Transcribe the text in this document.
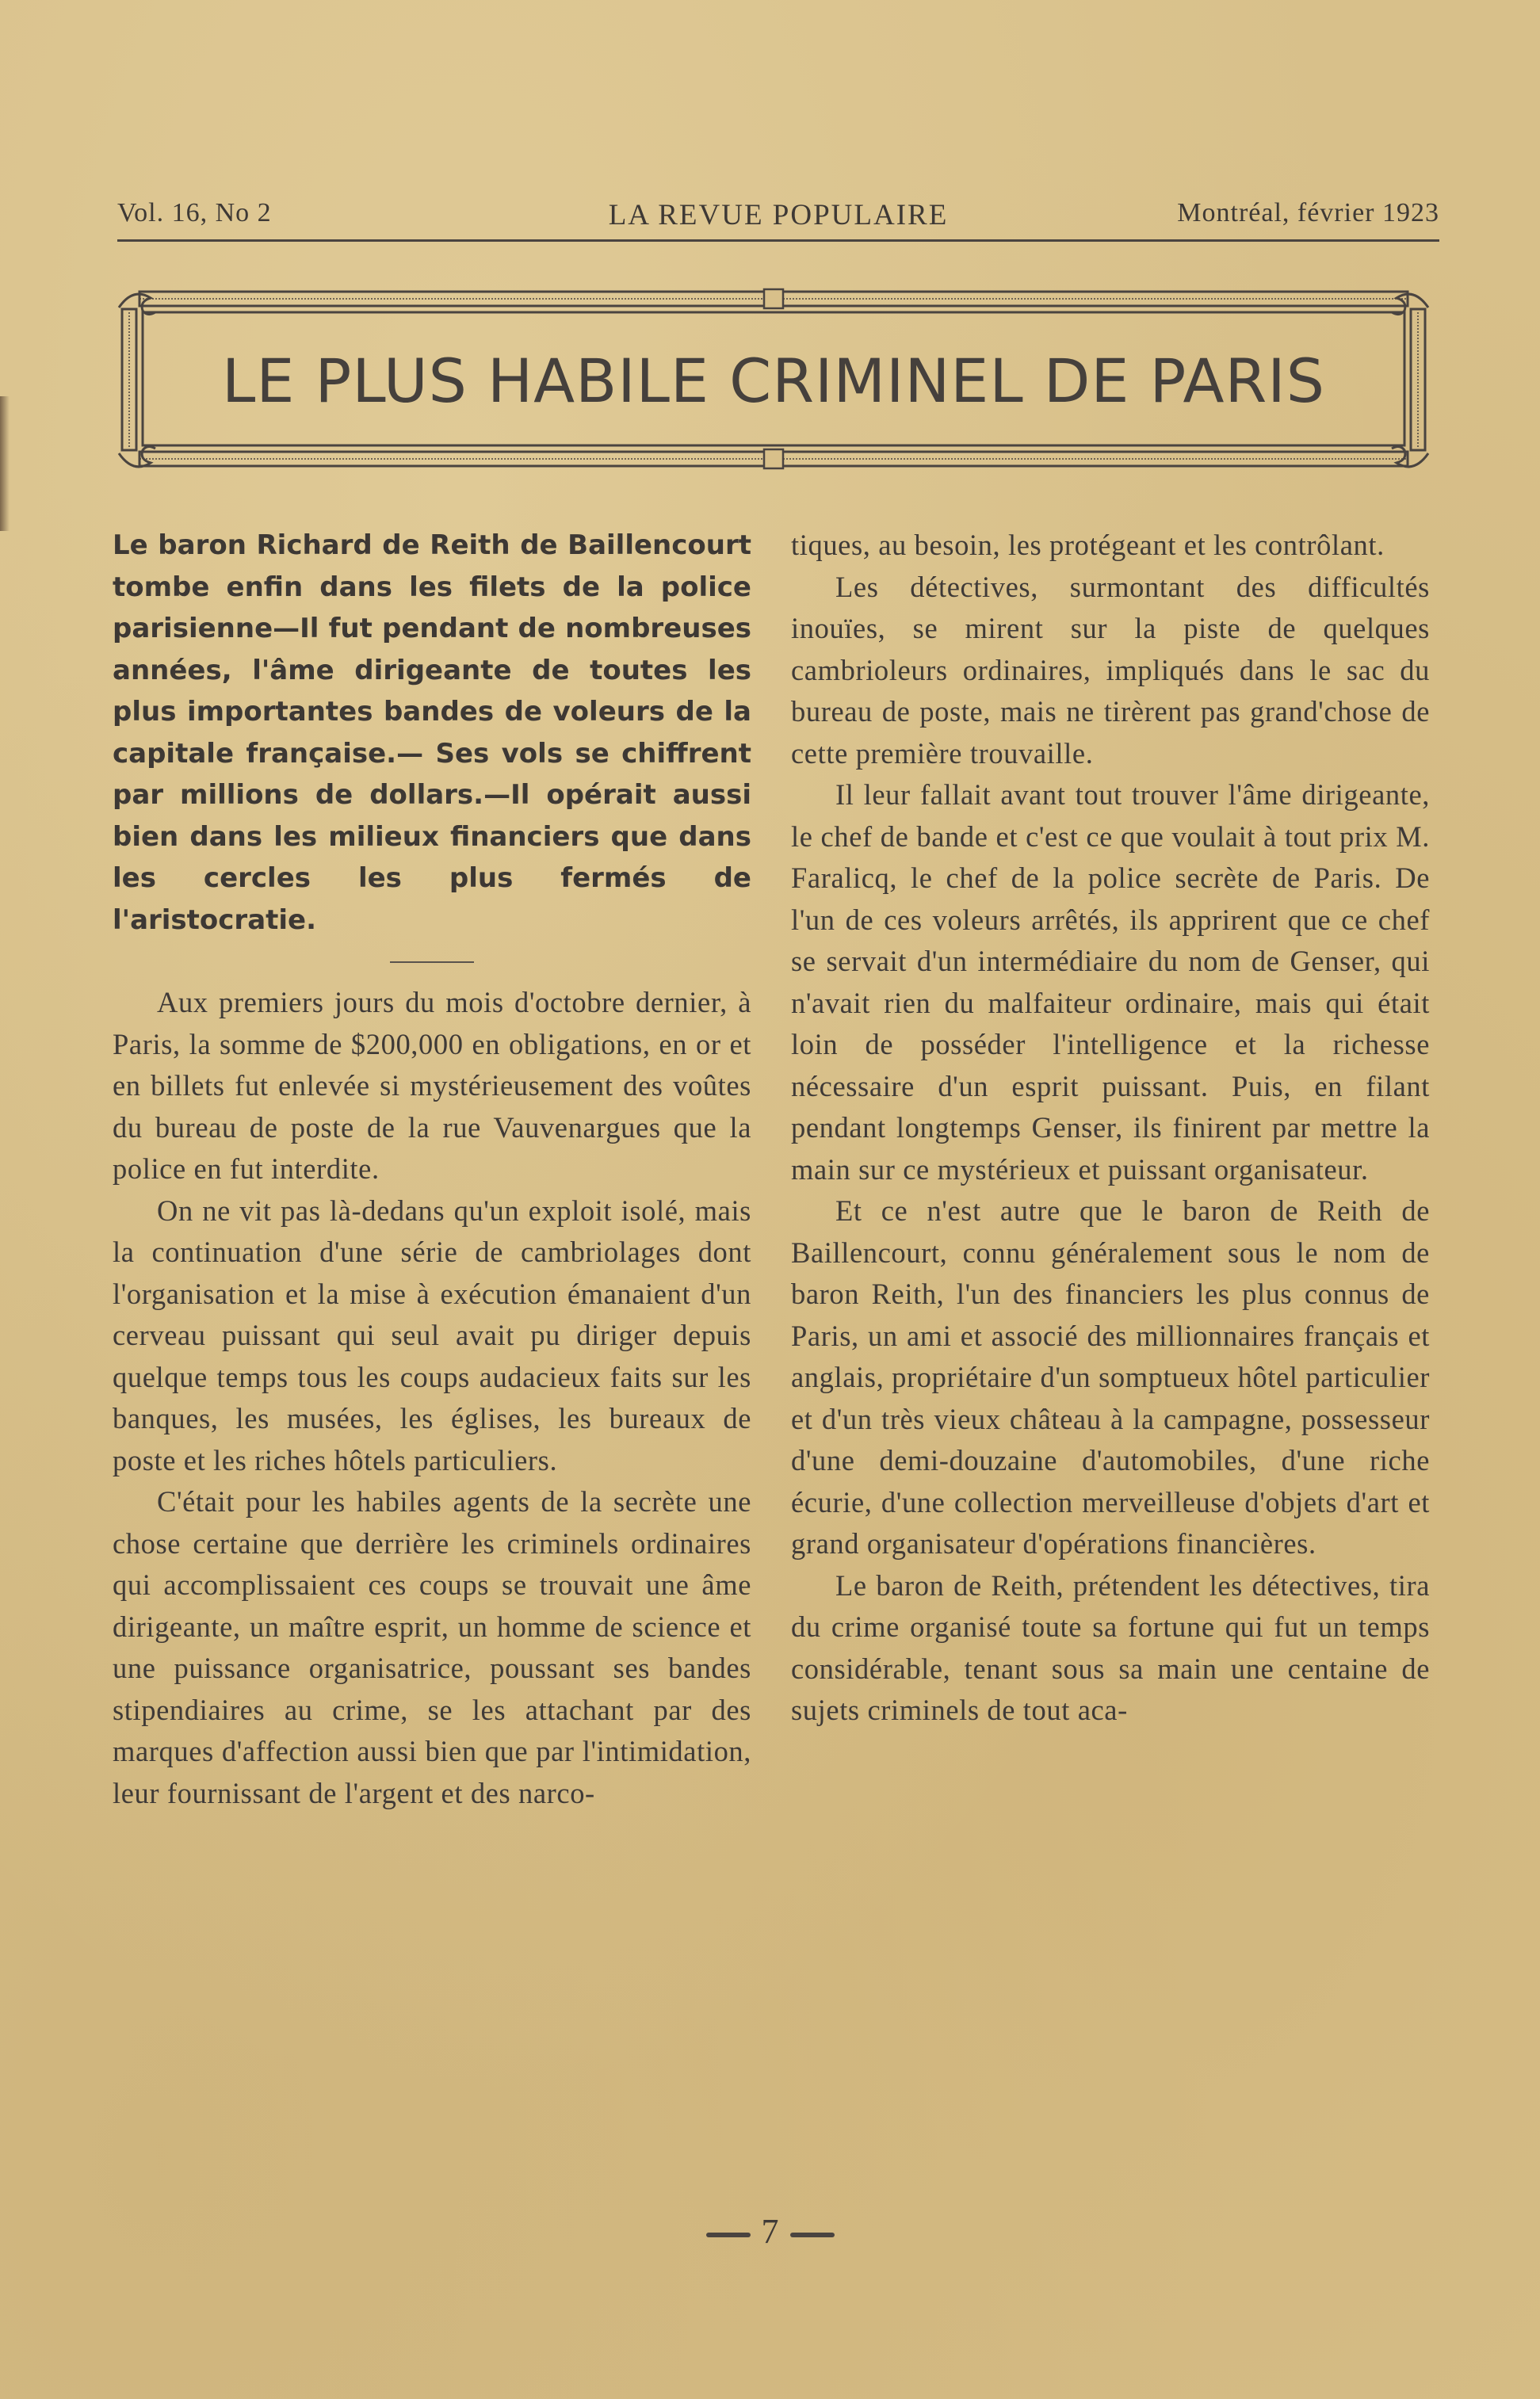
Vol. 16, No 2	LA REVUE POPULAIRE	Montréal, février 1923
LE PLUS HABILE CRIMINEL DE PARIS

Le baron Richard de Reith de Baillencourt tombe enfin dans les filets de la police parisienne—Il fut pendant de nombreuses années, l'âme dirigeante de toutes les plus importantes bandes de voleurs de la capitale française.— Ses vols se chiffrent par millions de dollars.—Il opérait aussi bien dans les milieux financiers que dans les cercles les plus fermés de l'aristocratie.

Aux premiers jours du mois d'octobre dernier, à Paris, la somme de $200,000 en obligations, en or et en billets fut enlevée si mystérieusement des voûtes du bureau de poste de la rue Vauvenargues que la police en fut interdite.

On ne vit pas là-dedans qu'un exploit isolé, mais la continuation d'une série de cambriolages dont l'organisation et la mise à exécution émanaient d'un cerveau puissant qui seul avait pu diriger depuis quelque temps tous les coups audacieux faits sur les banques, les musées, les églises, les bureaux de poste et les riches hôtels particuliers.

C'était pour les habiles agents de la secrète une chose certaine que derrière les criminels ordinaires qui accomplissaient ces coups se trouvait une âme dirigeante, un maître esprit, un homme de science et une puissance organisatrice, poussant ses bandes stipendiaires au crime, se les attachant par des marques d'affection aussi bien que par l'intimidation, leur fournissant de l'argent et des narco-

tiques, au besoin, les protégeant et les contrôlant.

Les détectives, surmontant des difficultés inouïes, se mirent sur la piste de quelques cambrioleurs ordinaires, impliqués dans le sac du bureau de poste, mais ne tirèrent pas grand'chose de cette première trouvaille.

Il leur fallait avant tout trouver l'âme dirigeante, le chef de bande et c'est ce que voulait à tout prix M. Faralicq, le chef de la police secrète de Paris. De l'un de ces voleurs arrêtés, ils apprirent que ce chef se servait d'un intermédiaire du nom de Genser, qui n'avait rien du malfaiteur ordinaire, mais qui était loin de posséder l'intelligence et la richesse nécessaire d'un esprit puissant. Puis, en filant pendant longtemps Genser, ils finirent par mettre la main sur ce mystérieux et puissant organisateur.

Et ce n'est autre que le baron de Reith de Baillencourt, connu généralement sous le nom de baron Reith, l'un des financiers les plus connus de Paris, un ami et associé des millionnaires français et anglais, propriétaire d'un somptueux hôtel particulier et d'un très vieux château à la campagne, possesseur d'une demi-douzaine d'automobiles, d'une riche écurie, d'une collection merveilleuse d'objets d'art et grand organisateur d'opérations financières.

Le baron de Reith, prétendent les détectives, tira du crime organisé toute sa fortune qui fut un temps considérable, tenant sous sa main une centaine de sujets criminels de tout aca-

7
